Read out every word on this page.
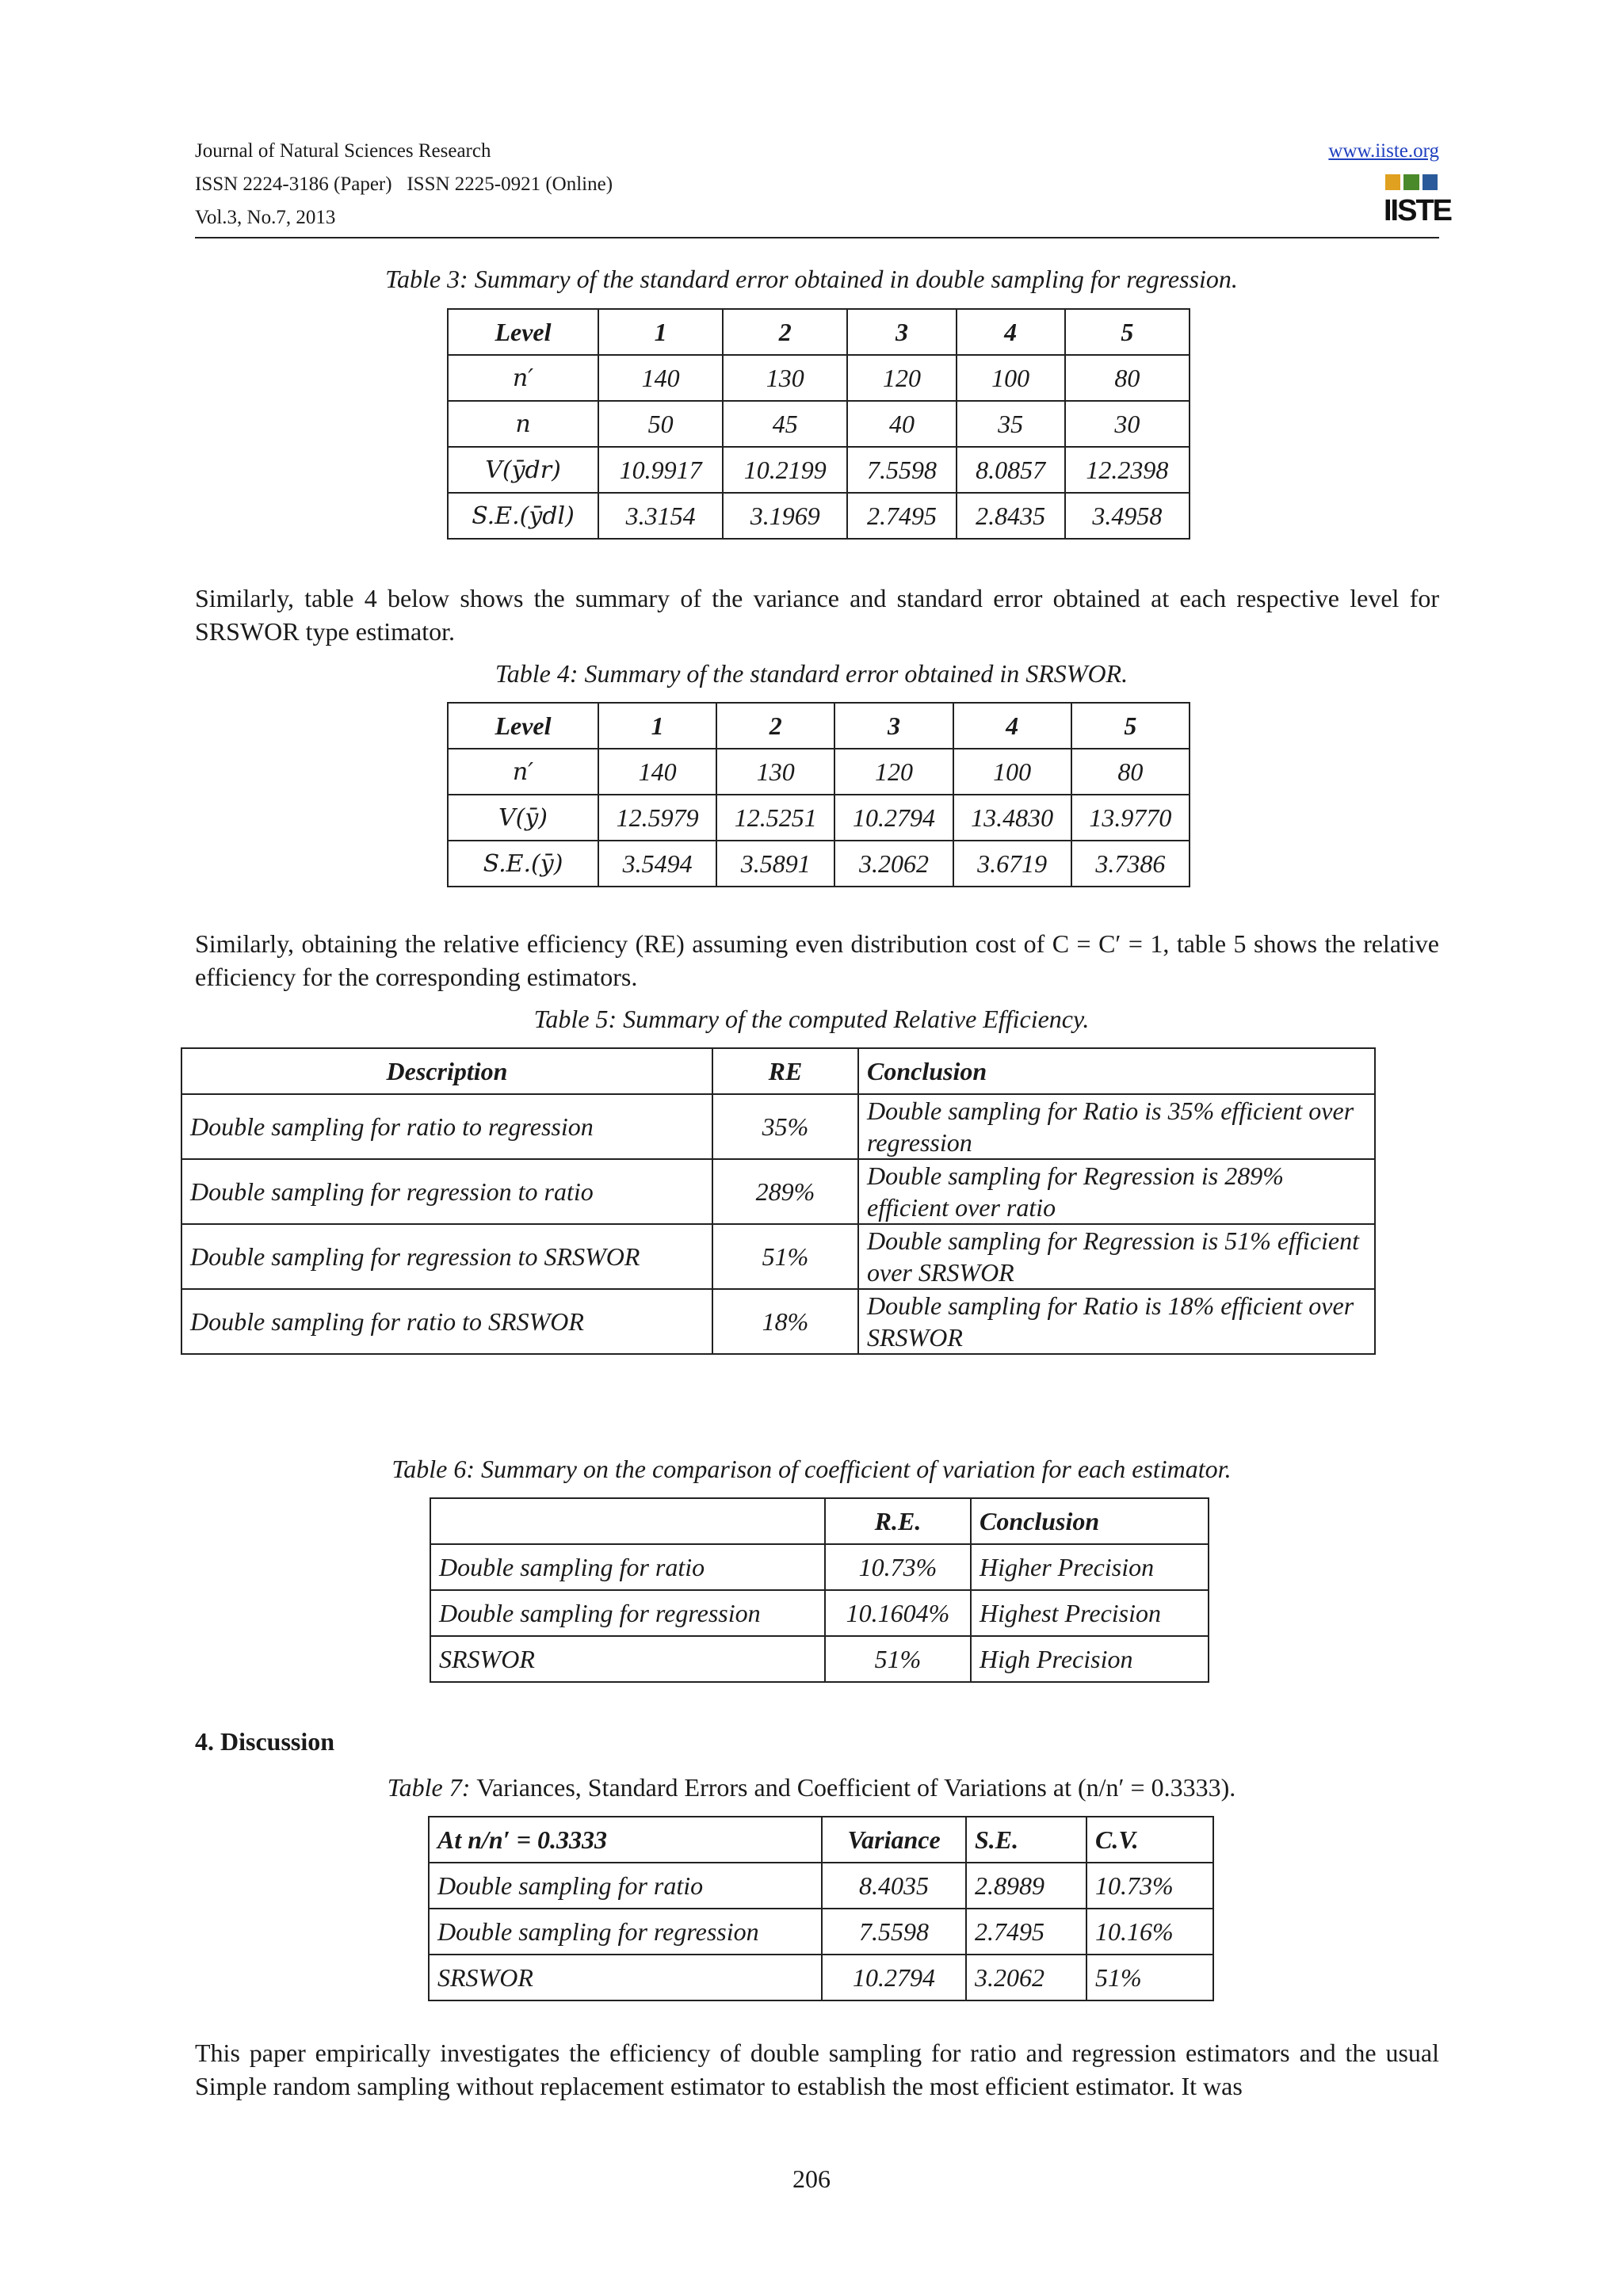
Journal of Natural Sciences Research
ISSN 2224-3186 (Paper)   ISSN 2225-0921 (Online)
Vol.3, No.7, 2013
www.iiste.org

IISTE
Table 3: Summary of the standard error obtained in double sampling for regression.
Level	1	2	3	4	5
n′	140	130	120	100	80
n	50	45	40	35	30
V(ȳdr)	10.9917	10.2199	7.5598	8.0857	12.2398
S.E.(ȳdl)	3.3154	3.1969	2.7495	2.8435	3.4958
Similarly, table 4 below shows the summary of the variance and standard error obtained at each respective level for SRSWOR type estimator.
Table 4: Summary of the standard error obtained in SRSWOR.
Level	1	2	3	4	5
n′	140	130	120	100	80
V(ȳ)	12.5979	12.5251	10.2794	13.4830	13.9770
S.E.(ȳ)	3.5494	3.5891	3.2062	3.6719	3.7386
Similarly, obtaining the relative efficiency (RE) assuming even distribution cost of C = C′ = 1, table 5 shows the relative efficiency for the corresponding estimators.
Table 5: Summary of the computed Relative Efficiency.
Description	RE	Conclusion
Double sampling for ratio to regression	35%	Double sampling for Ratio is 35% efficient over regression
Double sampling for regression to ratio	289%	Double sampling for Regression is 289% efficient over ratio
Double sampling for regression to SRSWOR	51%	Double sampling for Regression is 51% efficient over SRSWOR
Double sampling for ratio to SRSWOR	18%	Double sampling for Ratio is 18% efficient over SRSWOR
Table 6: Summary on the comparison of coefficient of variation for each estimator.
	R.E.	Conclusion
Double sampling for ratio	10.73%	Higher Precision
Double sampling for regression	10.1604%	Highest Precision
SRSWOR	51%	High Precision
4. Discussion
Table 7: Variances, Standard Errors and Coefficient of Variations at (n/n′ = 0.3333).
At n/n′ = 0.3333	Variance	S.E.	C.V.
Double sampling for ratio	8.4035	2.8989	10.73%
Double sampling for regression	7.5598	2.7495	10.16%
SRSWOR	10.2794	3.2062	51%
This paper empirically investigates the efficiency of double sampling for ratio and regression estimators and the usual Simple random sampling without replacement estimator to establish the most efficient estimator. It was
206
